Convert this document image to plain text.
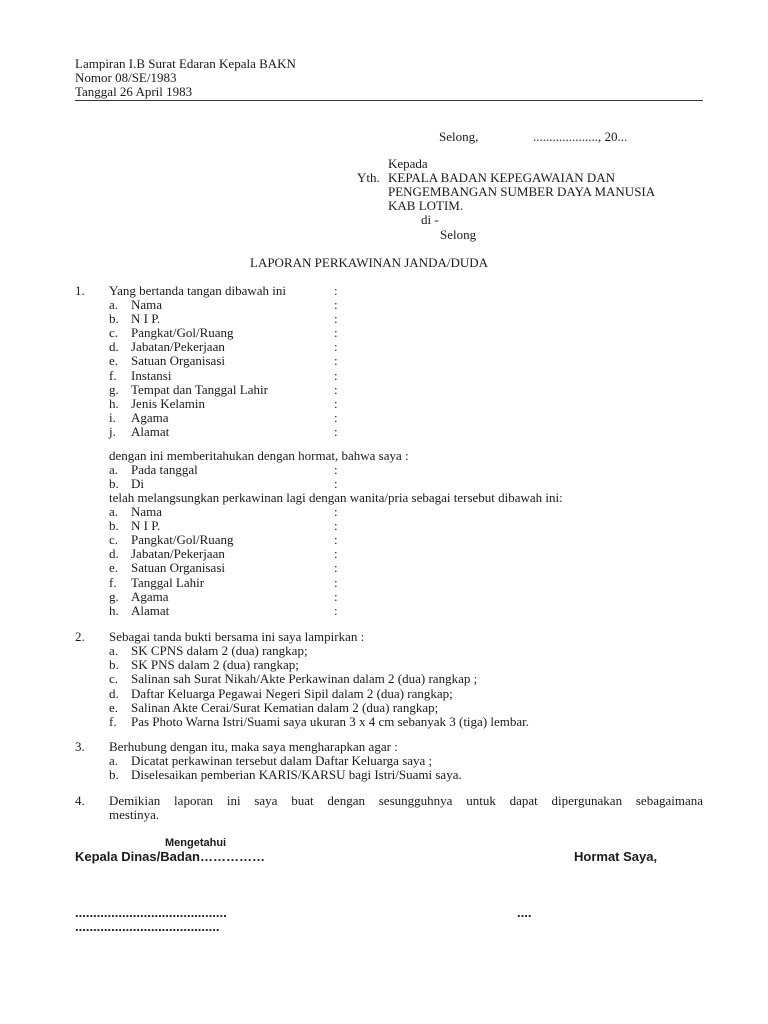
Lampiran I.B Surat Edaran Kepala BAKN
Nomor 08/SE/1983
Tanggal 26 April 1983
Selong,	...................., 20...
Kepada
Yth. KEPALA BADAN KEPEGAWAIAN DAN
PENGEMBANGAN SUMBER DAYA MANUSIA
KAB LOTIM.
di -
Selong
LAPORAN PERKAWINAN JANDA/DUDA
1. Yang bertanda tangan dibawah ini	:
a. Nama	:
b. N I P.	:
c. Pangkat/Gol/Ruang	:
d. Jabatan/Pekerjaan	:
e. Satuan Organisasi	:
f. Instansi	:
g. Tempat dan Tanggal Lahir	:
h. Jenis Kelamin	:
i. Agama	:
j. Alamat	:
dengan ini memberitahukan dengan hormat, bahwa saya :
a. Pada tanggal	:
b. Di	:
telah melangsungkan perkawinan lagi dengan wanita/pria sebagai tersebut dibawah ini:
a. Nama	:
b. N I P.	:
c. Pangkat/Gol/Ruang	:
d. Jabatan/Pekerjaan	:
e. Satuan Organisasi	:
f. Tanggal Lahir	:
g. Agama	:
h. Alamat	:
2. Sebagai tanda bukti bersama ini saya lampirkan :
a. SK CPNS dalam 2 (dua) rangkap;
b. SK PNS dalam 2 (dua) rangkap;
c. Salinan sah Surat Nikah/Akte Perkawinan dalam 2 (dua) rangkap ;
d. Daftar Keluarga Pegawai Negeri Sipil dalam 2 (dua) rangkap;
e. Salinan Akte Cerai/Surat Kematian dalam 2 (dua) rangkap;
f. Pas Photo Warna Istri/Suami saya ukuran 3 x 4 cm sebanyak 3 (tiga) lembar.
3. Berhubung dengan itu, maka saya mengharapkan agar :
a. Dicatat perkawinan tersebut dalam Daftar Keluarga saya ;
b. Diselesaikan pemberian KARIS/KARSU bagi Istri/Suami saya.
4. Demikian laporan ini saya buat dengan sesungguhnya untuk dapat dipergunakan sebagaimana
mestinya.
Mengetahui
Kepala Dinas/Badan……………	Hormat Saya,
..........................................	....
........................................
